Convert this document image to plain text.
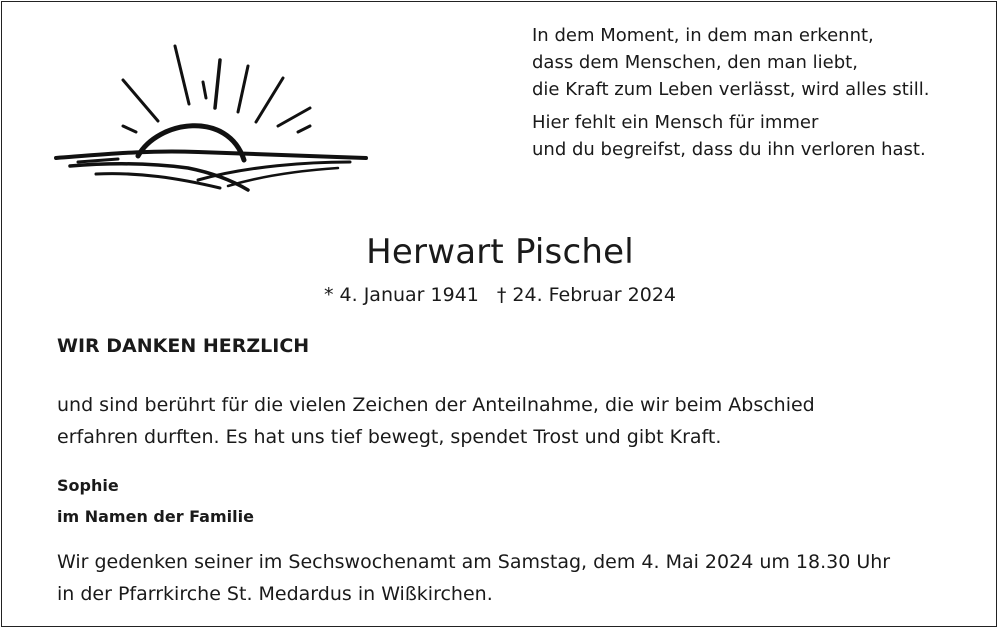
In dem Moment, in dem man erkennt,
dass dem Menschen, den man liebt,
die Kraft zum Leben verlässt, wird alles still.
Hier fehlt ein Mensch für immer
und du begreifst, dass du ihn verloren hast.
Herwart Pischel
* 4. Januar 1941 † 24. Februar 2024
WIR DANKEN HERZLICH
und sind berührt für die vielen Zeichen der Anteilnahme, die wir beim Abschied
erfahren durften. Es hat uns tief bewegt, spendet Trost und gibt Kraft.
Sophie
im Namen der Familie
Wir gedenken seiner im Sechswochenamt am Samstag, dem 4. Mai 2024 um 18.30 Uhr
in der Pfarrkirche St. Medardus in Wißkirchen.
